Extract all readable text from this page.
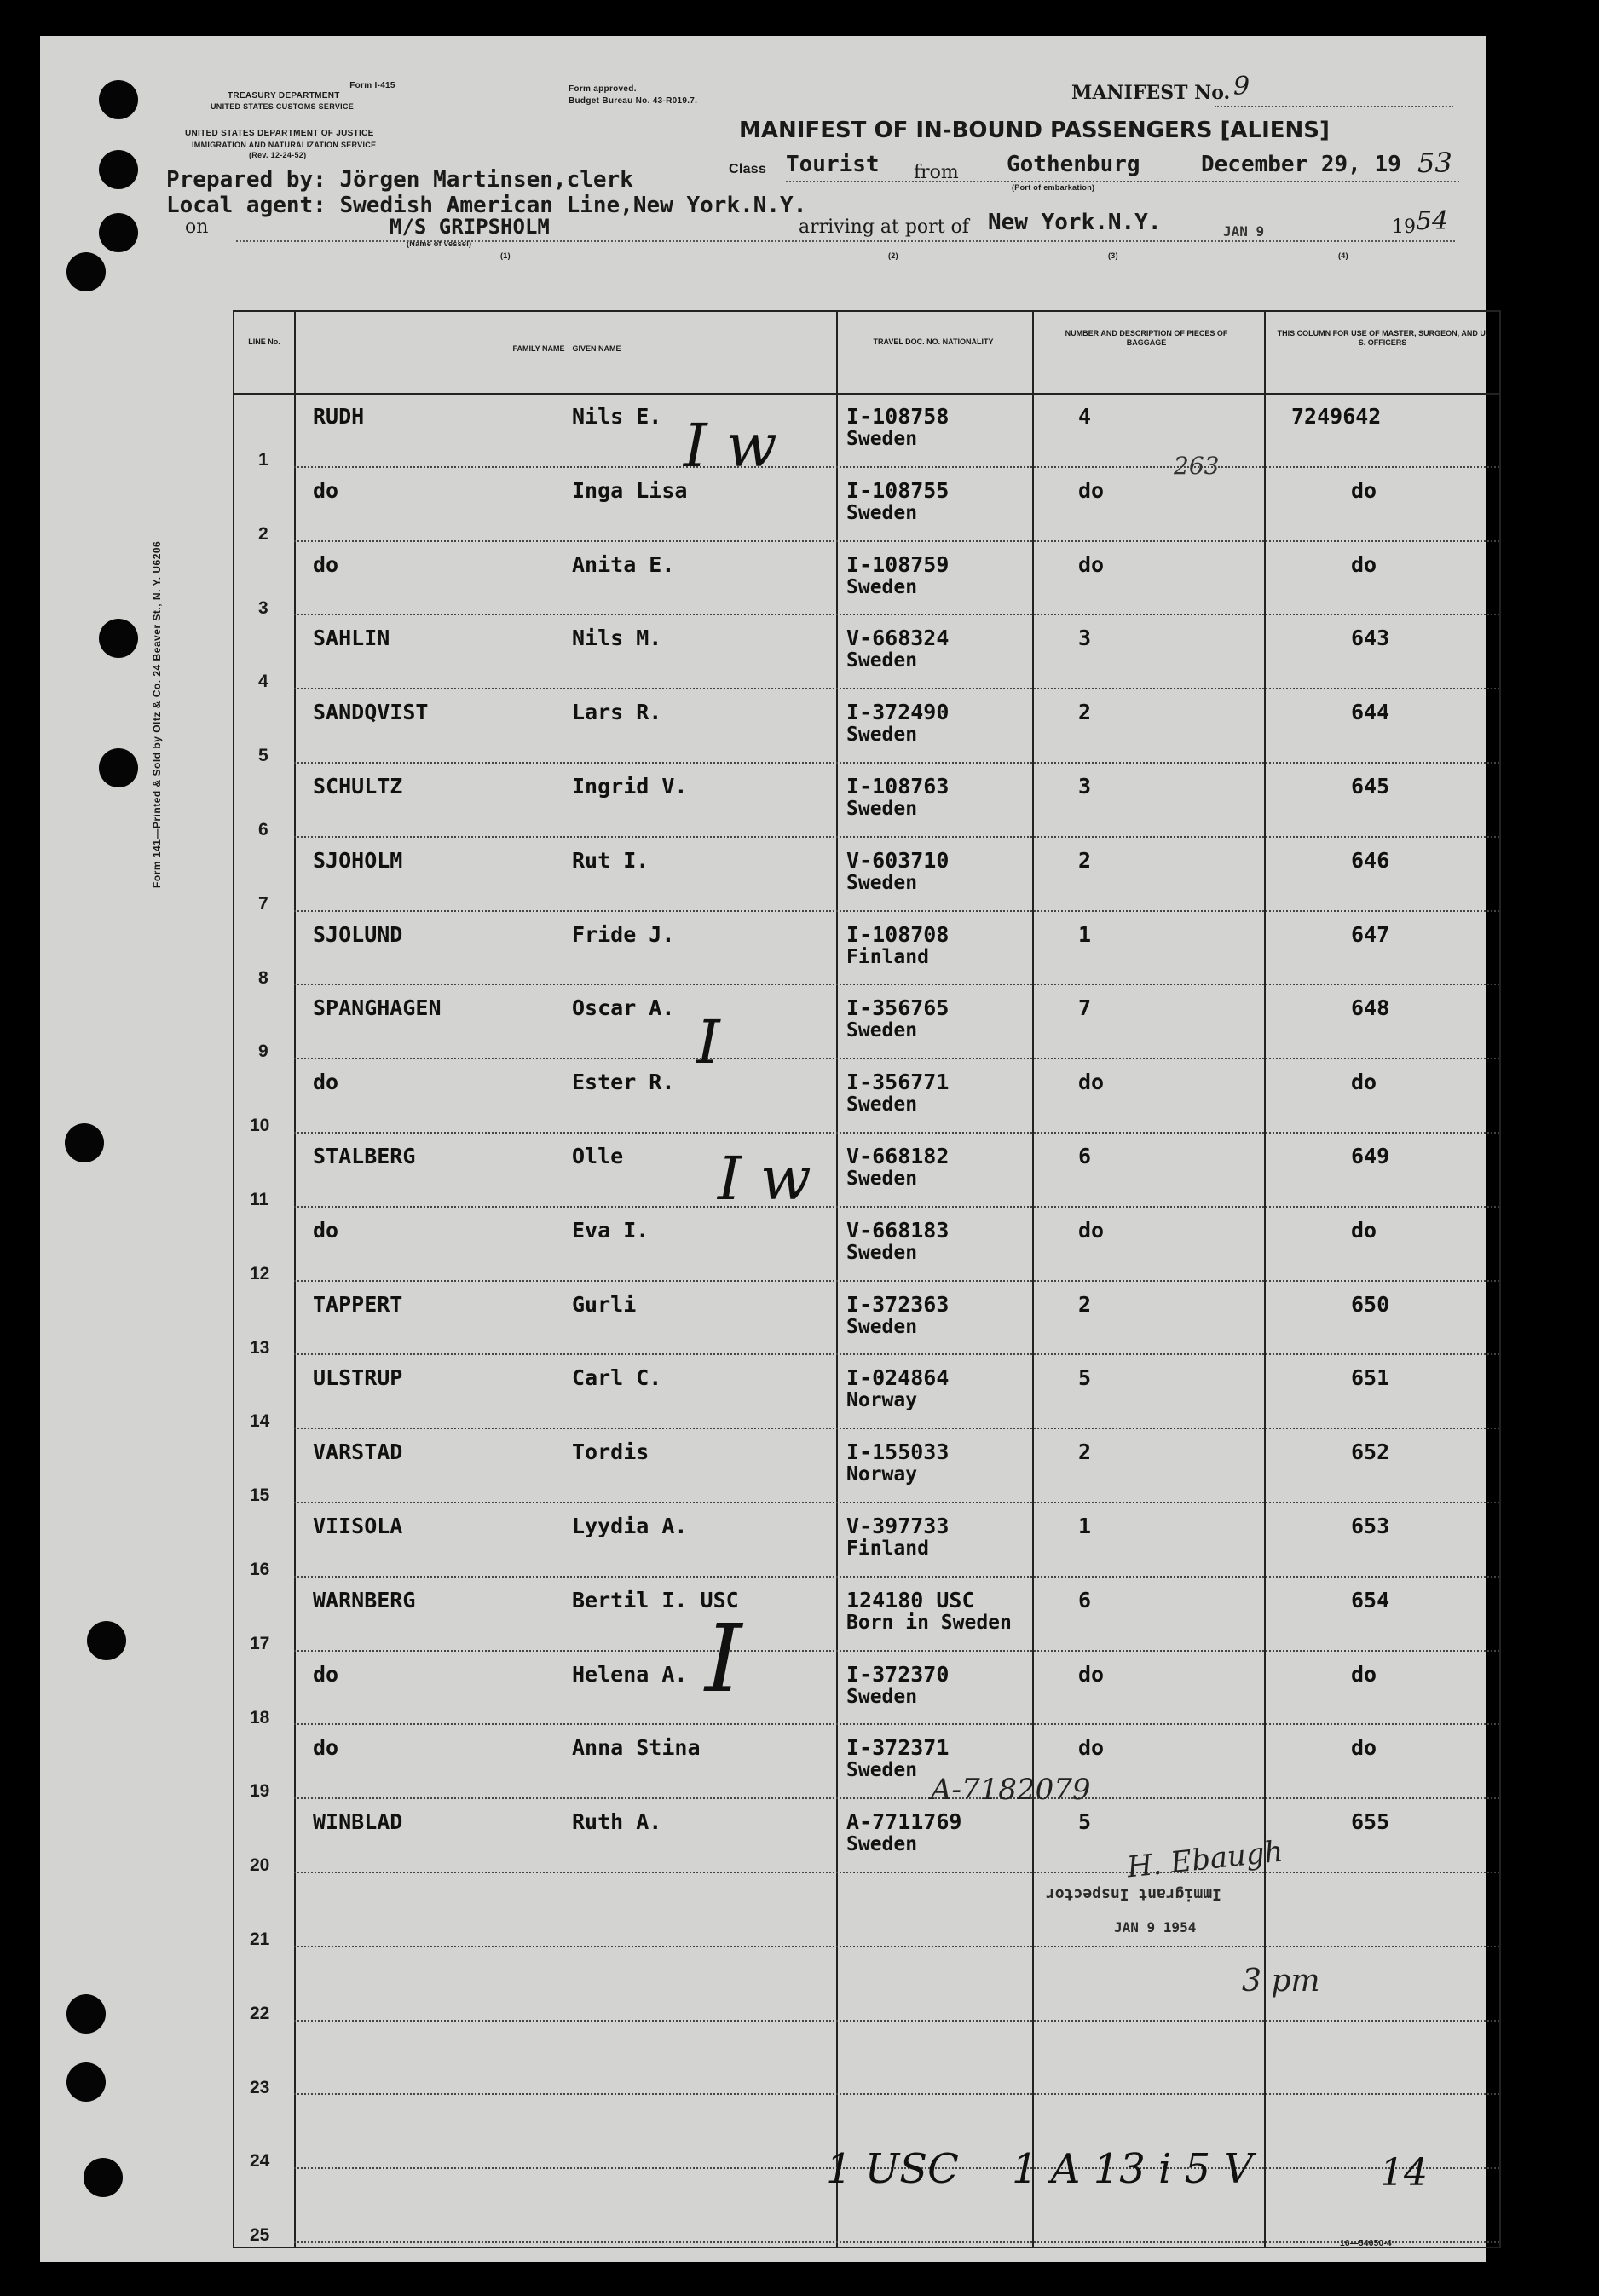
Form I-415
TREASURY DEPARTMENT
UNITED STATES CUSTOMS SERVICE
UNITED STATES DEPARTMENT OF JUSTICE
IMMIGRATION AND NATURALIZATION SERVICE
(Rev. 12-24-52)
Form approved.
Budget Bureau No. 43-R019.7.	MANIFEST No. 9
MANIFEST OF IN-BOUND PASSENGERS [ALIENS]
Class Tourist from Gothenburg
(Port of embarkation)
December 29, 19 53
Prepared by: Jörgen Martinsen,clerk
Local agent: Swedish American Line,New York.N.Y.
on	M/S GRIPSHOLM
(Name of vessel)
arriving at port of New York.N.Y.	JAN 9	19 54
(1)	(2)	(3)	(4)
Form 141—Printed & Sold by Oltz & Co. 24 Beaver St., N. Y. U6206
LINE No.
FAMILY NAME—GIVEN NAME
TRAVEL DOC. NO. NATIONALITY
NUMBER AND DESCRIPTION OF PIECES OF BAGGAGE
THIS COLUMN FOR USE OF MASTER, SURGEON, AND U. S. OFFICERS
1
RUDH	Nils E.	I-108758
Sweden
4	7249642
2
do	Inga Lisa	I-108755
Sweden
do	do
3
do	Anita E.	I-108759
Sweden
do	do
4
SAHLIN	Nils M.	V-668324
Sweden
3	643
5
SANDQVIST	Lars R.	I-372490
Sweden
2	644
6
SCHULTZ	Ingrid V.	I-108763
Sweden
3	645
7
SJOHOLM	Rut I.	V-603710
Sweden
2	646
8
SJOLUND	Fride J.	I-108708
Finland
1	647
9
SPANGHAGEN	Oscar A.	I-356765
Sweden
7	648
10
do	Ester R.	I-356771
Sweden
do	do
11
STALBERG	Olle	V-668182
Sweden
6	649
12
do	Eva I.	V-668183
Sweden
do	do
13
TAPPERT	Gurli	I-372363
Sweden
2	650
14
ULSTRUP	Carl C.	I-024864
Norway
5	651
15
VARSTAD	Tordis	I-155033
Norway
2	652
16
VIISOLA	Lyydia A.	V-397733
Finland
1	653
17
WARNBERG	Bertil I. USC	124180 USC
Born in Sweden
6	654
18
do	Helena A.	I-372370
Sweden
do	do
19
do	Anna Stina	I-372371
Sweden
do	do
20
WINBLAD	Ruth A.	A-7711769
Sweden
5	655
21
22
23
24
25
263
A-7182079
H. Ebaugh
Immigrant Inspector
JAN 9 1954
3 pm
1 USC 1 A 13 i 5 V	14
I w
I
I w
I
16—54650-4
